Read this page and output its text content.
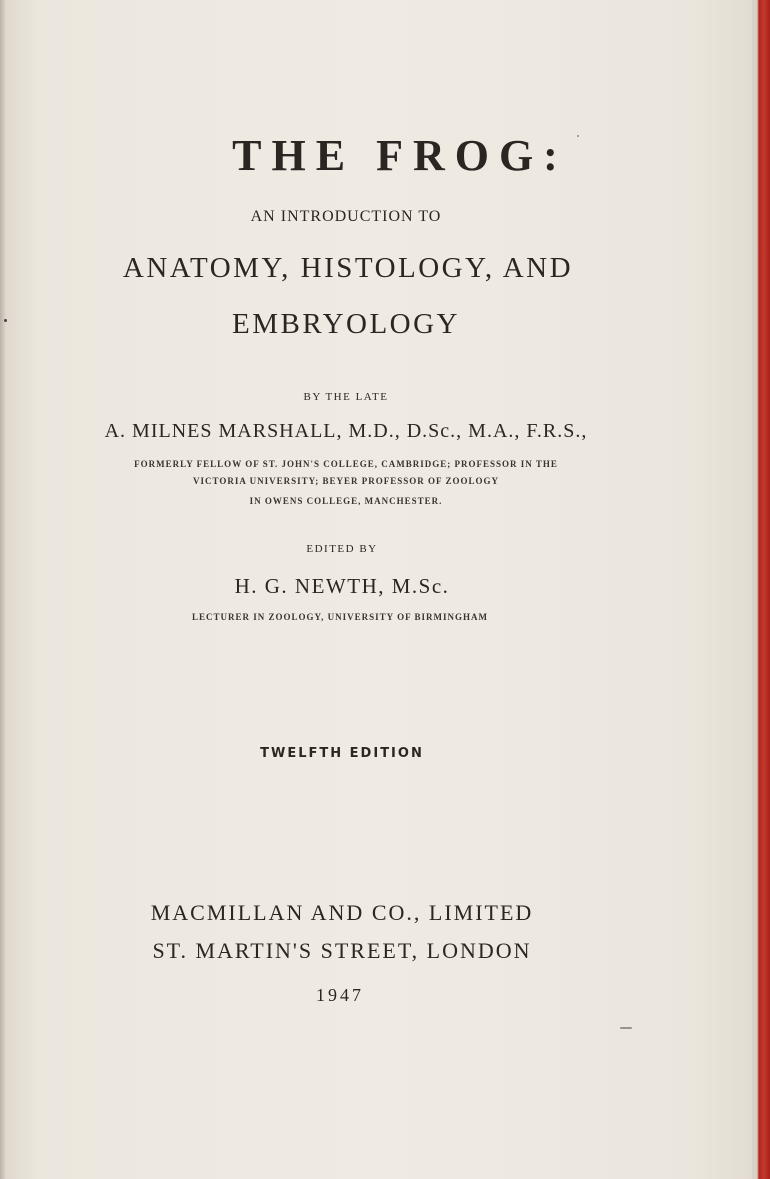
THE FROG:

AN INTRODUCTION TO

ANATOMY, HISTOLOGY, AND

EMBRYOLOGY

BY THE LATE

A. MILNES MARSHALL, M.D., D.Sc., M.A., F.R.S.,

FORMERLY FELLOW OF ST. JOHN'S COLLEGE, CAMBRIDGE; PROFESSOR IN THE

VICTORIA UNIVERSITY; BEYER PROFESSOR OF ZOOLOGY

IN OWENS COLLEGE, MANCHESTER.

EDITED BY

H. G. NEWTH, M.Sc.

LECTURER IN ZOOLOGY, UNIVERSITY OF BIRMINGHAM

TWELFTH EDITION

MACMILLAN AND CO., LIMITED

ST. MARTIN'S STREET, LONDON

1947
